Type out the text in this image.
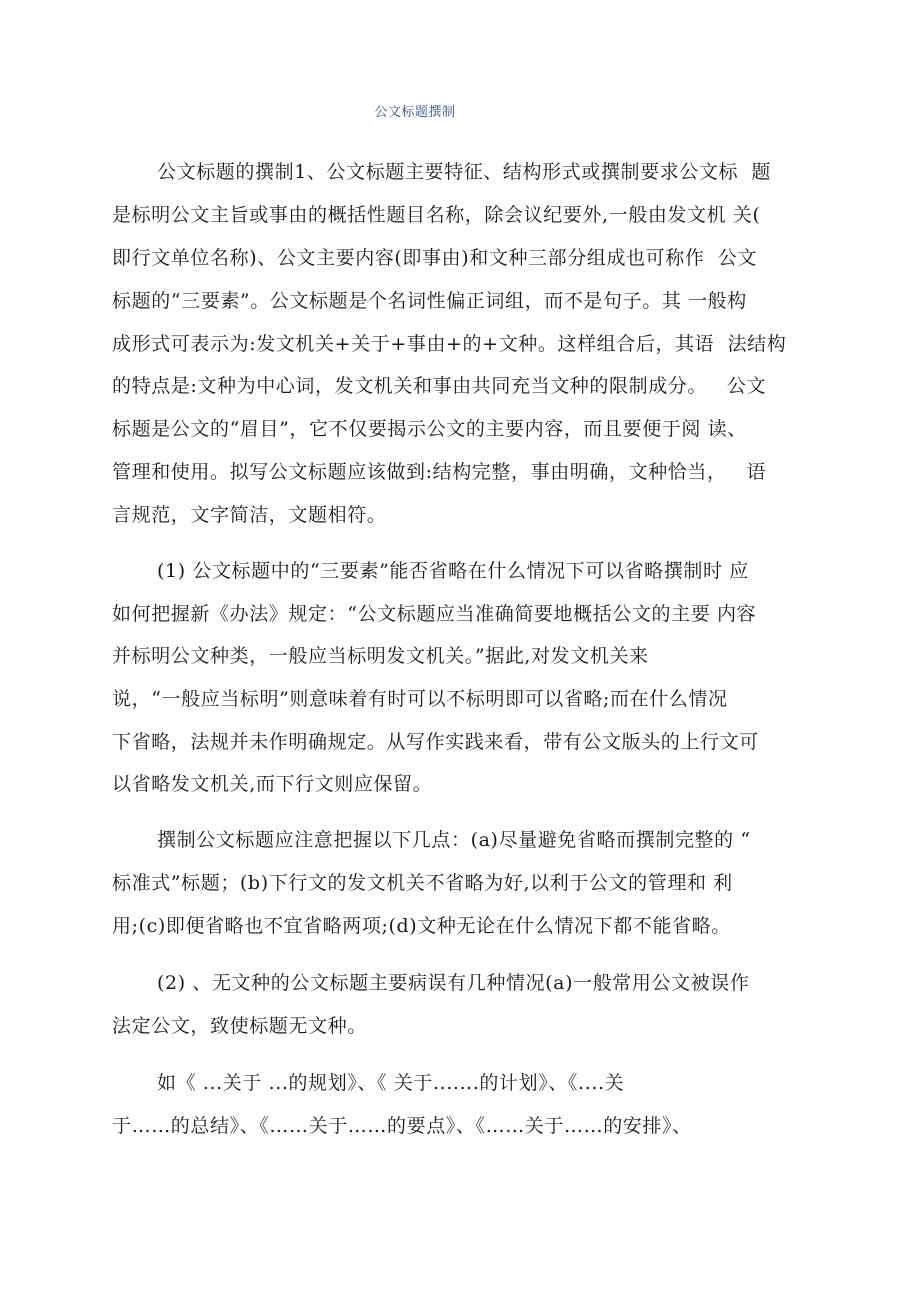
公文标题撰制
公文标题的撰制1、公文标题主要特征、结构形式或撰制要求公文标  题
是标明公文主旨或事由的概括性题目名称，除会议纪要外,一般由发文机 关(
即行文单位名称)、公文主要内容(即事由)和文种三部分组成也可称作  公文
标题的“三要素”。公文标题是个名词性偏正词组，而不是句子。其 一般构
成形式可表示为:发文机关+关于+事由+的+文种。这样组合后，其语  法结构
的特点是:文种为中心词，发文机关和事由共同充当文种的限制成分。   公文
标题是公文的“眉目”，它不仅要揭示公文的主要内容，而且要便于阅 读、
管理和使用。拟写公文标题应该做到:结构完整，事由明确，文种恰当，   语
言规范，文字简洁，文题相符。
(1) 公文标题中的“三要素”能否省略在什么情况下可以省略撰制时 应
如何把握新《办法》规定：“公文标题应当准确简要地概括公文的主要 内容
并标明公文种类，一般应当标明发文机关。”据此,对发文机关来
说，“一般应当标明”则意味着有时可以不标明即可以省略;而在什么情况
下省略，法规并未作明确规定。从写作实践来看，带有公文版头的上行文可
以省略发文机关,而下行文则应保留。
撰制公文标题应注意把握以下几点：(a)尽量避免省略而撰制完整的 “
标准式”标题；(b)下行文的发文机关不省略为好,以利于公文的管理和 利
用;(c)即便省略也不宜省略两项;(d)文种无论在什么情况下都不能省略。
(2) 、无文种的公文标题主要病误有几种情况(a)一般常用公文被误作
法定公文，致使标题无文种。
如《 ...关于 ...的规划》、《 关于.......的计划》、《....关
于……的总结》、《……关于……的要点》、《……关于……的安排》、
